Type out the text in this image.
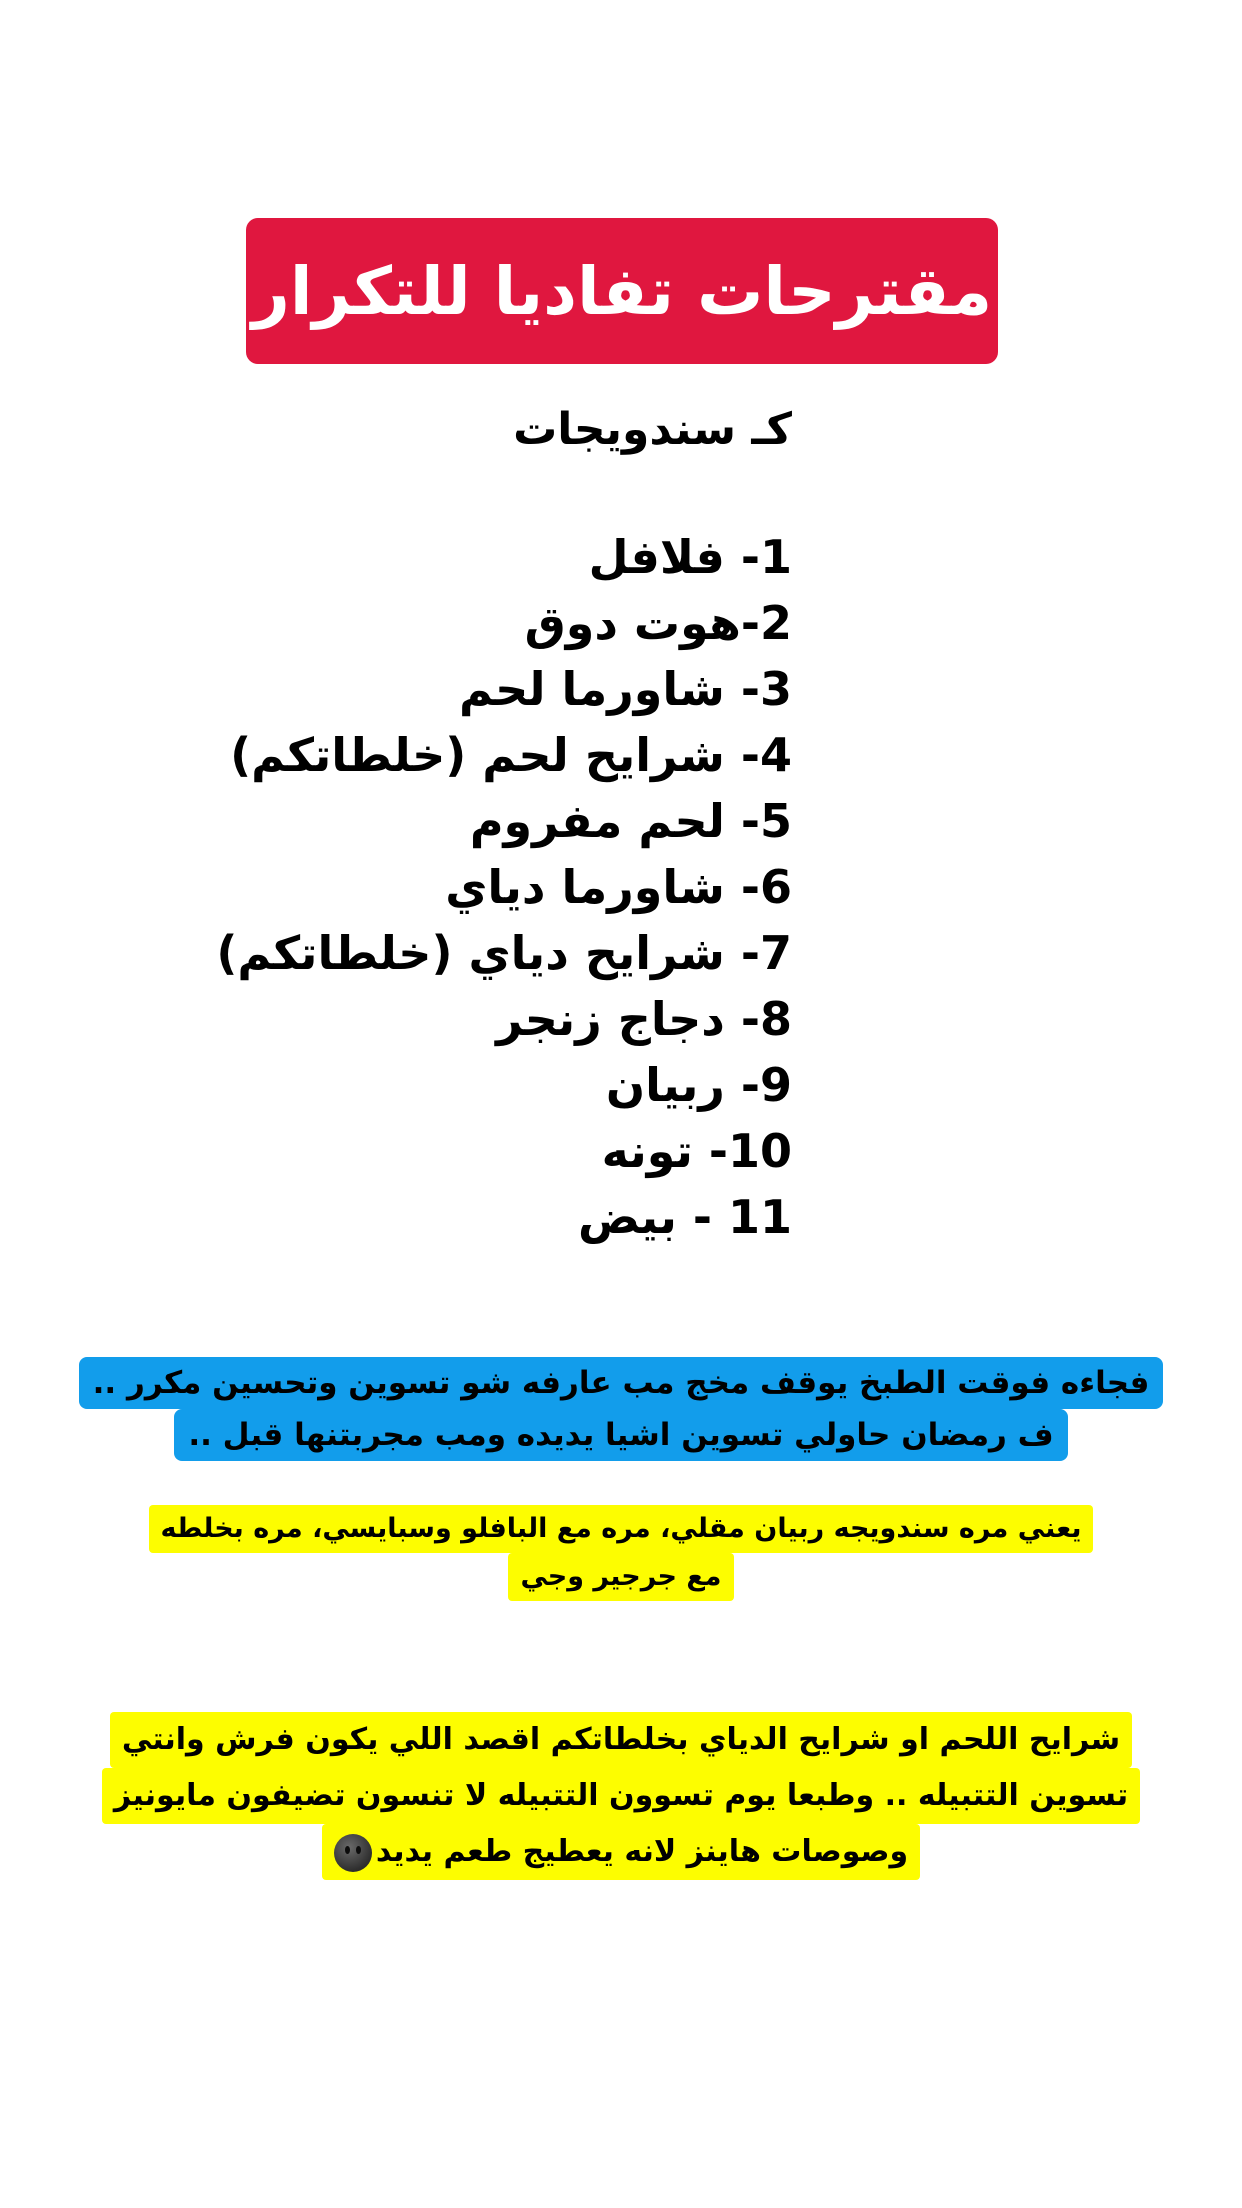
مقترحات تفاديا للتكرار
كـ سندويجات
1- فلافل
2-هوت دوق
3- شاورما لحم
4- شرايح لحم (خلطاتكم)
5- لحم مفروم
6- شاورما دياي
7- شرايح دياي (خلطاتكم)
8- دجاج زنجر
9- ربيان
10- تونه
11 - بيض
فجاءه فوقت الطبخ يوقف مخج مب عارفه شو تسوين وتحسين مكرر ..
ف رمضان حاولي تسوين اشيا يديده ومب مجربتنها قبل ..
يعني مره سندويجه ربيان مقلي، مره مع البافلو وسبايسي، مره بخلطه
مع جرجير وجي
شرايح اللحم او شرايح الدياي بخلطاتكم اقصد اللي يكون فرش وانتي
تسوين التتبيله .. وطبعا يوم تسوون التتبيله لا تنسون تضيفون مايونيز
وصوصات هاينز لانه يعطيج طعم يديد
